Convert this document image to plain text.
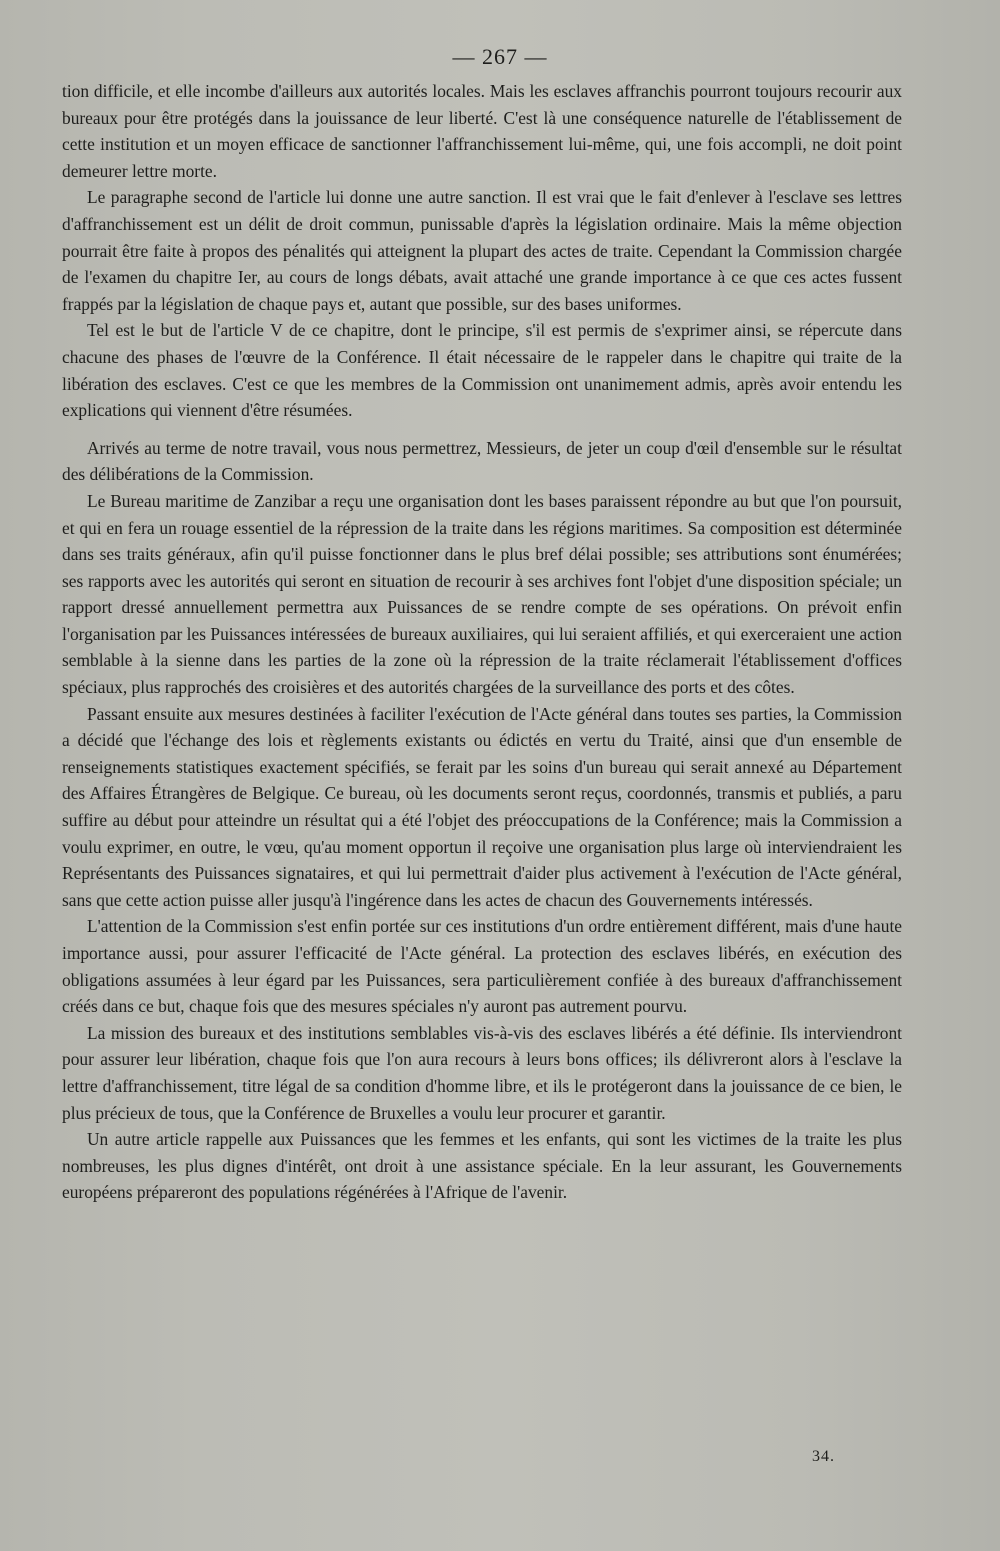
— 267 —

tion difficile, et elle incombe d'ailleurs aux autorités locales. Mais les esclaves affranchis pourront toujours recourir aux bureaux pour être protégés dans la jouissance de leur liberté. C'est là une conséquence naturelle de l'établissement de cette institution et un moyen efficace de sanctionner l'affranchissement lui-même, qui, une fois accompli, ne doit point demeurer lettre morte.

Le paragraphe second de l'article lui donne une autre sanction. Il est vrai que le fait d'enlever à l'esclave ses lettres d'affranchissement est un délit de droit commun, punissable d'après la législation ordinaire. Mais la même objection pourrait être faite à propos des pénalités qui atteignent la plupart des actes de traite. Cependant la Commission chargée de l'examen du chapitre Ier, au cours de longs débats, avait attaché une grande importance à ce que ces actes fussent frappés par la législation de chaque pays et, autant que possible, sur des bases uniformes.

Tel est le but de l'article V de ce chapitre, dont le principe, s'il est permis de s'exprimer ainsi, se répercute dans chacune des phases de l'œuvre de la Conférence. Il était nécessaire de le rappeler dans le chapitre qui traite de la libération des esclaves. C'est ce que les membres de la Commission ont unanimement admis, après avoir entendu les explications qui viennent d'être résumées.

Arrivés au terme de notre travail, vous nous permettrez, Messieurs, de jeter un coup d'œil d'ensemble sur le résultat des délibérations de la Commission.

Le Bureau maritime de Zanzibar a reçu une organisation dont les bases paraissent répondre au but que l'on poursuit, et qui en fera un rouage essentiel de la répression de la traite dans les régions maritimes. Sa composition est déterminée dans ses traits généraux, afin qu'il puisse fonctionner dans le plus bref délai possible; ses attributions sont énumérées; ses rapports avec les autorités qui seront en situation de recourir à ses archives font l'objet d'une disposition spéciale; un rapport dressé annuellement permettra aux Puissances de se rendre compte de ses opérations. On prévoit enfin l'organisation par les Puissances intéressées de bureaux auxiliaires, qui lui seraient affiliés, et qui exerceraient une action semblable à la sienne dans les parties de la zone où la répression de la traite réclamerait l'établissement d'offices spéciaux, plus rapprochés des croisières et des autorités chargées de la surveillance des ports et des côtes.

Passant ensuite aux mesures destinées à faciliter l'exécution de l'Acte général dans toutes ses parties, la Commission a décidé que l'échange des lois et règlements existants ou édictés en vertu du Traité, ainsi que d'un ensemble de renseignements statistiques exactement spécifiés, se ferait par les soins d'un bureau qui serait annexé au Département des Affaires Étrangères de Belgique. Ce bureau, où les documents seront reçus, coordonnés, transmis et publiés, a paru suffire au début pour atteindre un résultat qui a été l'objet des préoccupations de la Conférence; mais la Commission a voulu exprimer, en outre, le vœu, qu'au moment opportun il reçoive une organisation plus large où interviendraient les Représentants des Puissances signataires, et qui lui permettrait d'aider plus activement à l'exécution de l'Acte général, sans que cette action puisse aller jusqu'à l'ingérence dans les actes de chacun des Gouvernements intéressés.

L'attention de la Commission s'est enfin portée sur ces institutions d'un ordre entièrement différent, mais d'une haute importance aussi, pour assurer l'efficacité de l'Acte général. La protection des esclaves libérés, en exécution des obligations assumées à leur égard par les Puissances, sera particulièrement confiée à des bureaux d'affranchissement créés dans ce but, chaque fois que des mesures spéciales n'y auront pas autrement pourvu.

La mission des bureaux et des institutions semblables vis-à-vis des esclaves libérés a été définie. Ils interviendront pour assurer leur libération, chaque fois que l'on aura recours à leurs bons offices; ils délivreront alors à l'esclave la lettre d'affranchissement, titre légal de sa condition d'homme libre, et ils le protégeront dans la jouissance de ce bien, le plus précieux de tous, que la Conférence de Bruxelles a voulu leur procurer et garantir.

Un autre article rappelle aux Puissances que les femmes et les enfants, qui sont les victimes de la traite les plus nombreuses, les plus dignes d'intérêt, ont droit à une assistance spéciale. En la leur assurant, les Gouvernements européens prépareront des populations régénérées à l'Afrique de l'avenir.

34.
